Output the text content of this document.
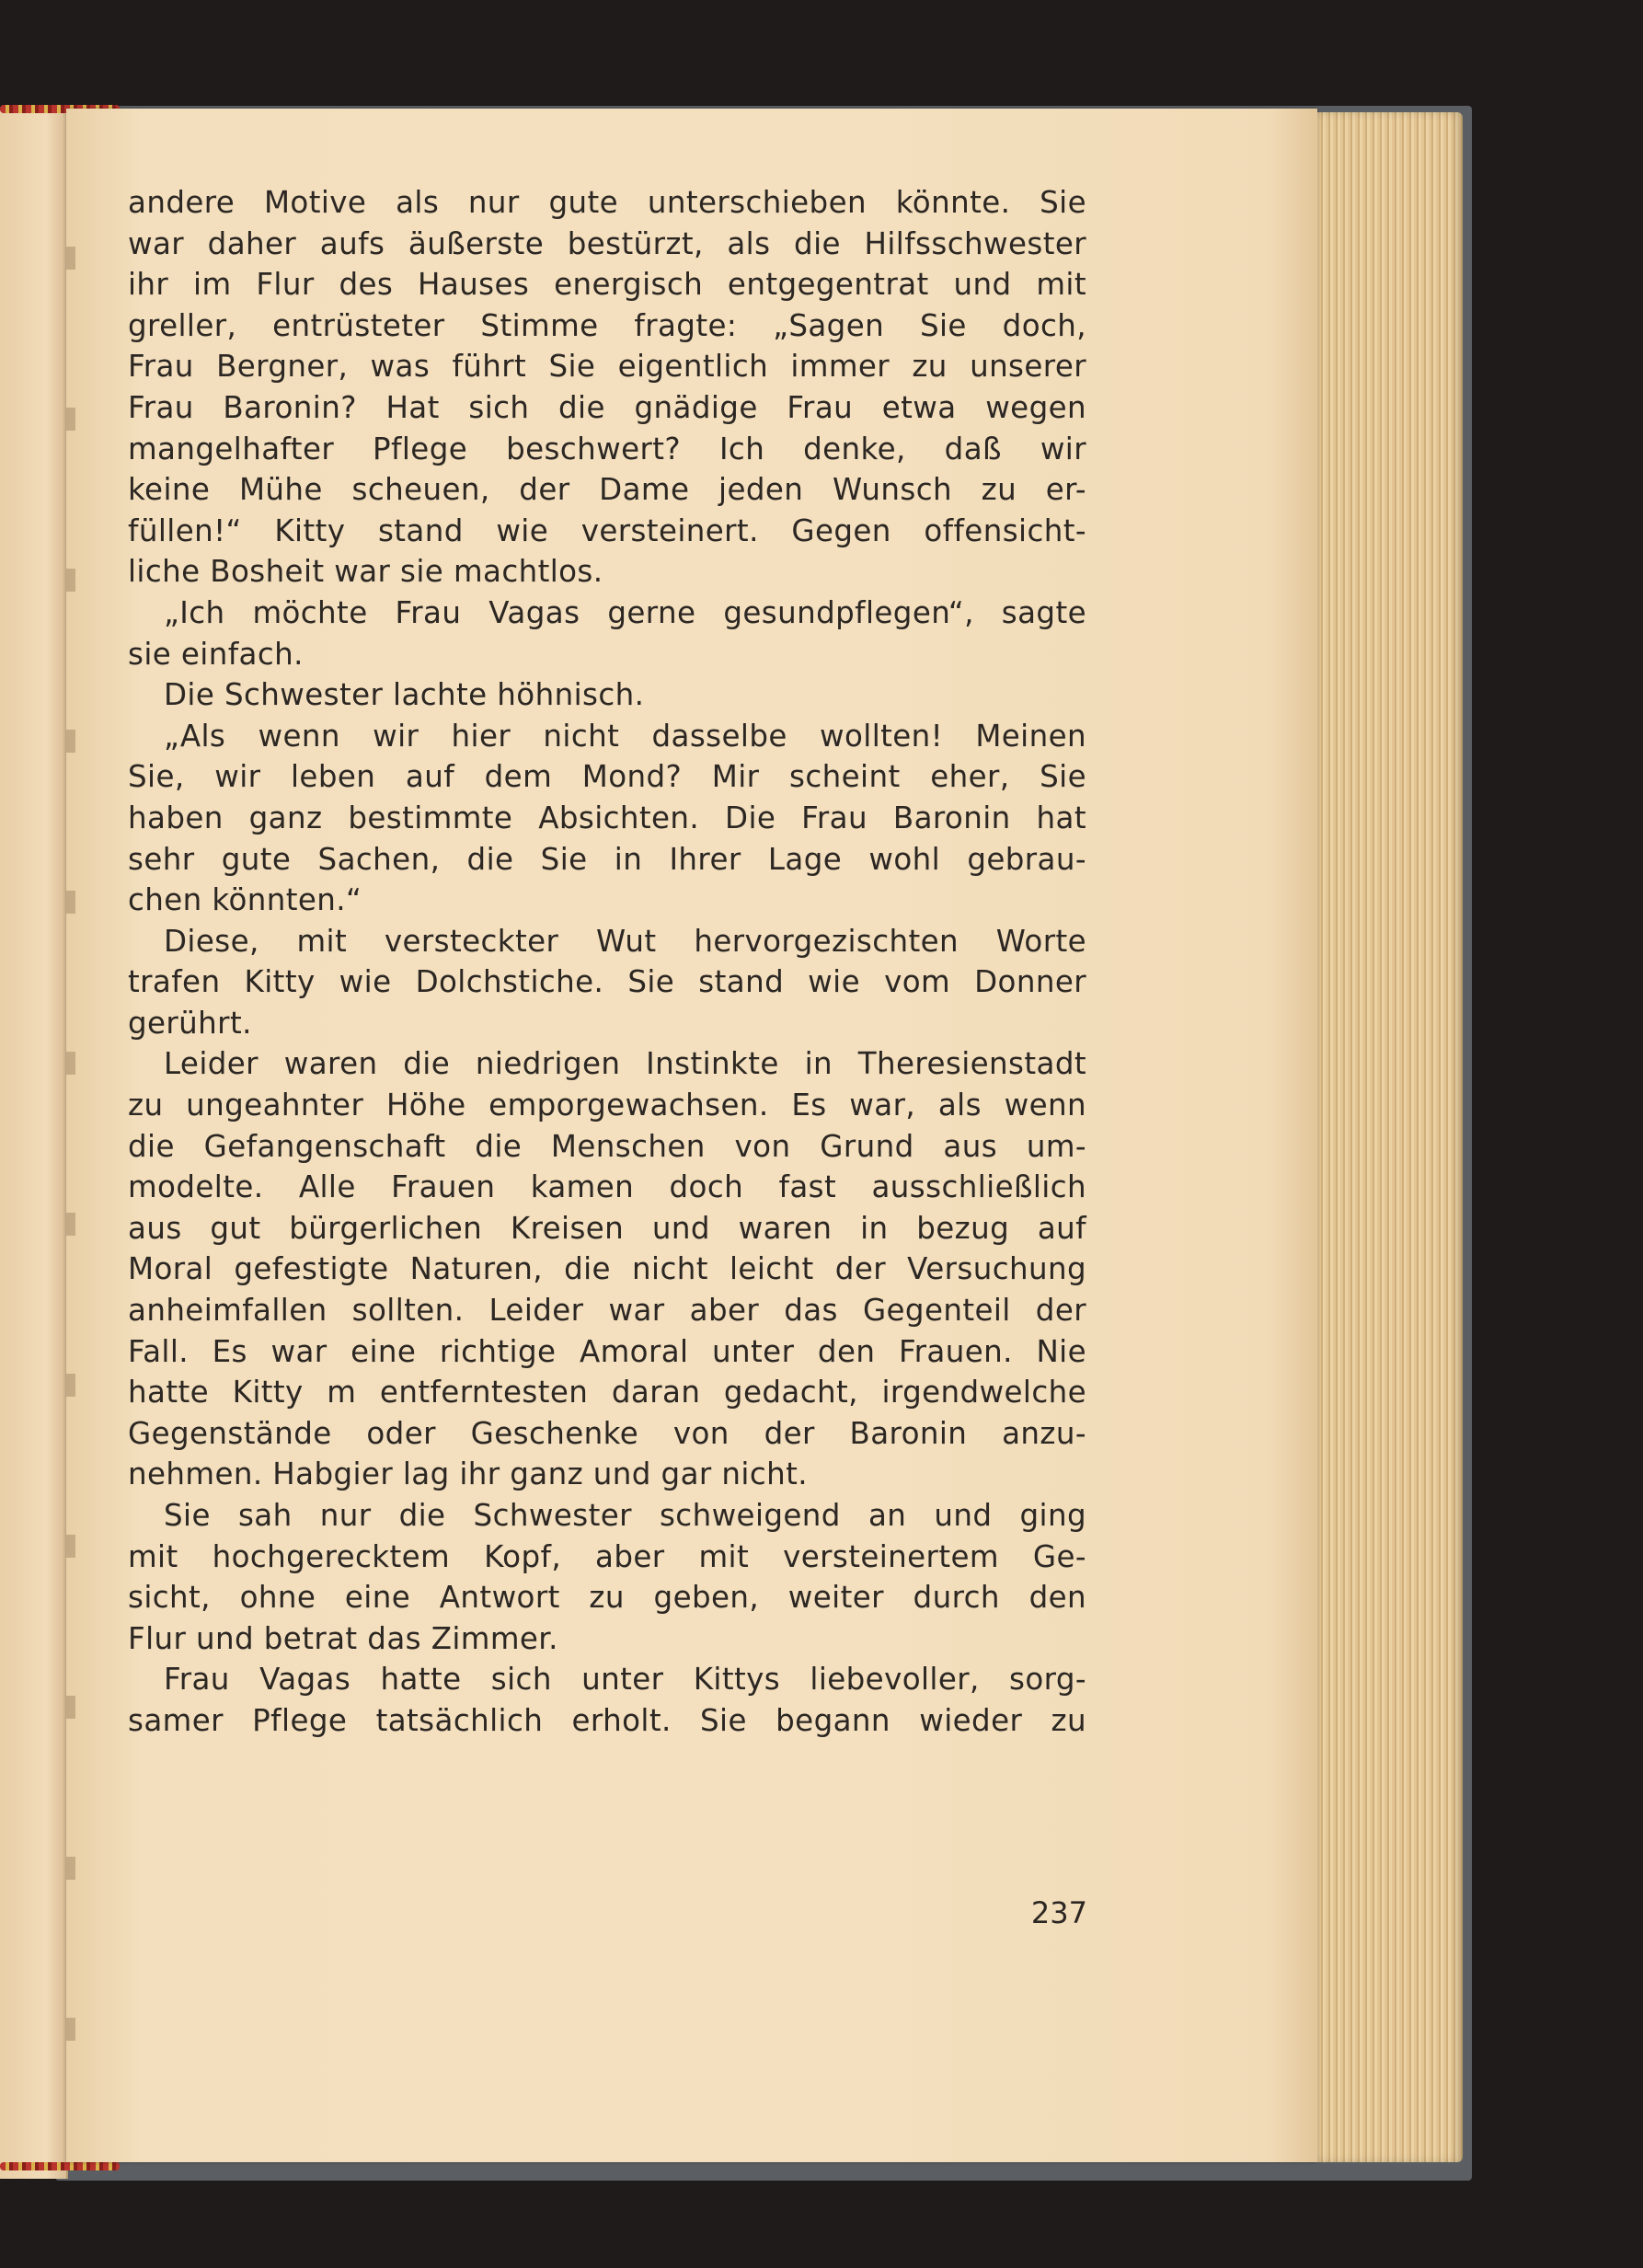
andere Motive als nur gute unterschieben könnte. Sie
war daher aufs äußerste bestürzt, als die Hilfsschwester
ihr im Flur des Hauses energisch entgegentrat und mit
greller, entrüsteter Stimme fragte: „Sagen Sie doch,
Frau Bergner, was führt Sie eigentlich immer zu unserer
Frau Baronin? Hat sich die gnädige Frau etwa wegen
mangelhafter Pflege beschwert? Ich denke, daß wir
keine Mühe scheuen, der Dame jeden Wunsch zu er-
füllen!“ Kitty stand wie versteinert. Gegen offensicht-
liche Bosheit war sie machtlos.
„Ich möchte Frau Vagas gerne gesundpflegen“, sagte
sie einfach.
Die Schwester lachte höhnisch.
„Als wenn wir hier nicht dasselbe wollten! Meinen
Sie, wir leben auf dem Mond? Mir scheint eher, Sie
haben ganz bestimmte Absichten. Die Frau Baronin hat
sehr gute Sachen, die Sie in Ihrer Lage wohl gebrau-
chen könnten.“
Diese, mit versteckter Wut hervorgezischten Worte
trafen Kitty wie Dolchstiche. Sie stand wie vom Donner
gerührt.
Leider waren die niedrigen Instinkte in Theresienstadt
zu ungeahnter Höhe emporgewachsen. Es war, als wenn
die Gefangenschaft die Menschen von Grund aus um-
modelte. Alle Frauen kamen doch fast ausschließlich
aus gut bürgerlichen Kreisen und waren in bezug auf
Moral gefestigte Naturen, die nicht leicht der Versuchung
anheimfallen sollten. Leider war aber das Gegenteil der
Fall. Es war eine richtige Amoral unter den Frauen. Nie
hatte Kitty m entferntesten daran gedacht, irgendwelche
Gegenstände oder Geschenke von der Baronin anzu-
nehmen. Habgier lag ihr ganz und gar nicht.
Sie sah nur die Schwester schweigend an und ging
mit hochgerecktem Kopf, aber mit versteinertem Ge-
sicht, ohne eine Antwort zu geben, weiter durch den
Flur und betrat das Zimmer.
Frau Vagas hatte sich unter Kittys liebevoller, sorg-
samer Pflege tatsächlich erholt. Sie begann wieder zu
237
